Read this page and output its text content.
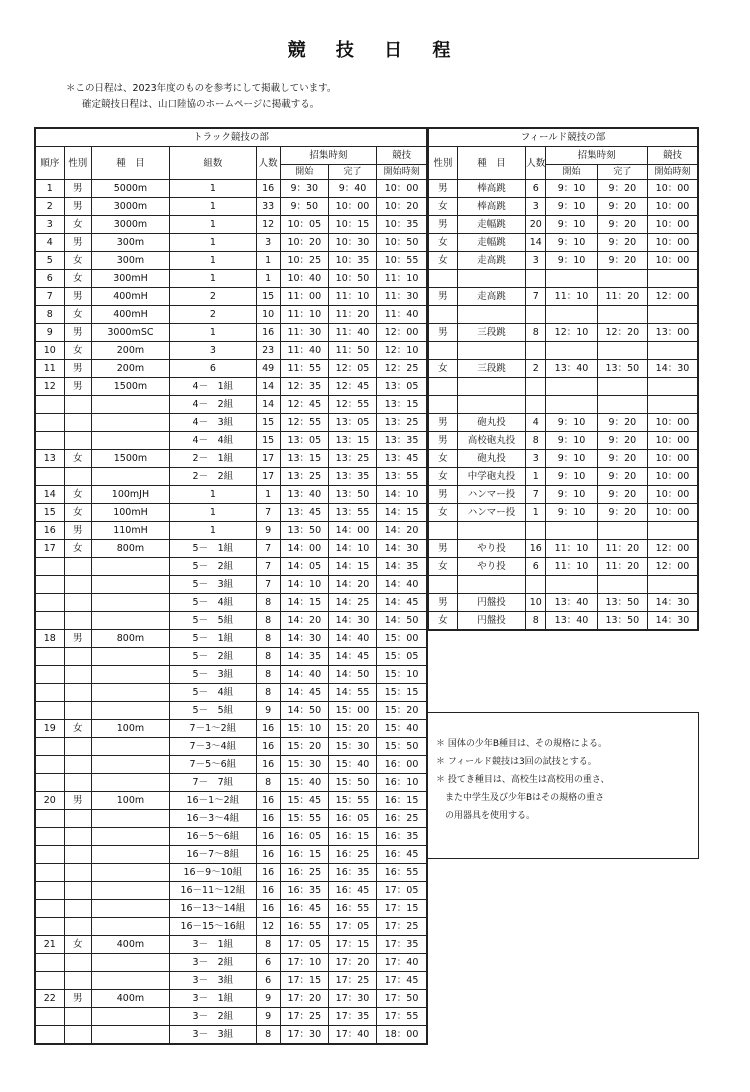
競 技 日 程
＊この日程は、2023年度のものを参考にして掲載しています。
確定競技日程は、山口陸協のホームページに掲載する。
トラック競技の部							
順序	性別	種　目	組数	人数	招集時刻		競技
					開始	完了	開始時刻
1	男	5000m	1	16	9：30	9：40	10：00
2	男	3000m	1	33	9：50	10：00	10：20
3	女	3000m	1	12	10：05	10：15	10：35
4	男	300m	1	3	10：20	10：30	10：50
5	女	300m	1	1	10：25	10：35	10：55
6	女	300mH	1	1	10：40	10：50	11：10
7	男	400mH	2	15	11：00	11：10	11：30
8	女	400mH	2	10	11：10	11：20	11：40
9	男	3000mSC	1	16	11：30	11：40	12：00
10	女	200m	3	23	11：40	11：50	12：10
11	男	200m	6	49	11：55	12：05	12：25
12	男	1500m	4－　1組	14	12：35	12：45	13：05
			4－　2組	14	12：45	12：55	13：15
			4－　3組	15	12：55	13：05	13：25
			4－　4組	15	13：05	13：15	13：35
13	女	1500m	2－　1組	17	13：15	13：25	13：45
			2－　2組	17	13：25	13：35	13：55
14	女	100mJH	1	1	13：40	13：50	14：10
15	女	100mH	1	7	13：45	13：55	14：15
16	男	110mH	1	9	13：50	14：00	14：20
17	女	800m	5－　1組	7	14：00	14：10	14：30
			5－　2組	7	14：05	14：15	14：35
			5－　3組	7	14：10	14：20	14：40
			5－　4組	8	14：15	14：25	14：45
			5－　5組	8	14：20	14：30	14：50
18	男	800m	5－　1組	8	14：30	14：40	15：00
			5－　2組	8	14：35	14：45	15：05
			5－　3組	8	14：40	14：50	15：10
			5－　4組	8	14：45	14：55	15：15
			5－　5組	9	14：50	15：00	15：20
19	女	100m	7－1～2組	16	15：10	15：20	15：40
			7－3～4組	16	15：20	15：30	15：50
			7－5～6組	16	15：30	15：40	16：00
			7－　7組	8	15：40	15：50	16：10
20	男	100m	16－1～2組	16	15：45	15：55	16：15
			16－3～4組	16	15：55	16：05	16：25
			16－5～6組	16	16：05	16：15	16：35
			16－7～8組	16	16：15	16：25	16：45
			16－9～10組	16	16：25	16：35	16：55
			16－11～12組	16	16：35	16：45	17：05
			16－13～14組	16	16：45	16：55	17：15
			16－15～16組	12	16：55	17：05	17：25
21	女	400m	3－　1組	8	17：05	17：15	17：35
			3－　2組	6	17：10	17：20	17：40
			3－　3組	6	17：15	17：25	17：45
22	男	400m	3－　1組	9	17：20	17：30	17：50
			3－　2組	9	17：25	17：35	17：55
			3－　3組	8	17：30	17：40	18：00
フィールド競技の部					
性別	種　目	人数	招集時刻		競技
			開始	完了	開始時刻
男	棒高跳	6	9：10	9：20	10：00
女	棒高跳	3	9：10	9：20	10：00
男	走幅跳	20	9：10	9：20	10：00
女	走幅跳	14	9：10	9：20	10：00
女	走高跳	3	9：10	9：20	10：00

男	走高跳	7	11：10	11：20	12：00

男	三段跳	8	12：10	12：20	13：00

女	三段跳	2	13：40	13：50	14：30

男	砲丸投	4	9：10	9：20	10：00
男	高校砲丸投	8	9：10	9：20	10：00
女	砲丸投	3	9：10	9：20	10：00
女	中学砲丸投	1	9：10	9：20	10：00
男	ハンマー投	7	9：10	9：20	10：00
女	ハンマー投	1	9：10	9：20	10：00

男	やり投	16	11：10	11：20	12：00
女	やり投	6	11：10	11：20	12：00

男	円盤投	10	13：40	13：50	14：30
女	円盤投	8	13：40	13：50	14：30
＊ 国体の少年B種目は、その規格による。
＊ フィールド競技は3回の試技とする。
＊ 投てき種目は、高校生は高校用の重さ、
　また中学生及び少年Bはその規格の重さ
　の用器具を使用する。
